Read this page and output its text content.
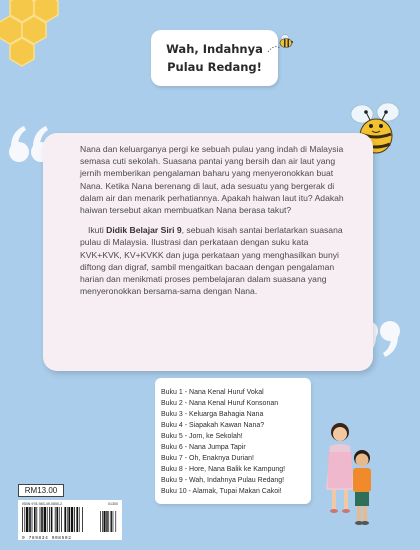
Wah, Indahnya
Pulau Redang!

Nana dan keluarganya pergi ke sebuah pulau yang indah di Malaysia semasa cuti sekolah. Suasana pantai yang bersih dan air laut yang jernih memberikan pengalaman baharu yang menyeronokkan buat Nana. Ketika Nana berenang di laut, ada sesuatu yang bergerak di dalam air dan menarik perhatiannya. Apakah haiwan laut itu? Adakah haiwan tersebut akan membuatkan Nana berasa takut?

Ikuti Didik Belajar Siri 9, sebuah kisah santai berlatarkan suasana pulau di Malaysia. Ilustrasi dan perkataan dengan suku kata KVK+KVK, KV+KVKK dan juga perkataan yang menghasilkan bunyi diftong dan digraf, sambil mengaitkan bacaan dengan pengalaman harian dan menikmati proses pembelajaran dalam suasana yang menyeronokkan bersama-sama dengan Nana.

Buku 1 - Nana Kenal Huruf Vokal
Buku 2 - Nana Kenal Huruf Konsonan
Buku 3 - Keluarga Bahagia Nana
Buku 4 - Siapakah Kawan Nana?
Buku 5 - Jom, ke Sekolah!
Buku 6 - Nana Jumpa Tapir
Buku 7 - Oh, Enaknya Durian!
Buku 8 - Hore, Nana Balik ke Kampung!
Buku 9 - Wah, Indahnya Pulau Redang!
Buku 10 - Alamak, Tupai Makan Cakoi!
RM13.00
ISBN 978-983-49-0850-2	01300
9 789834 908502
